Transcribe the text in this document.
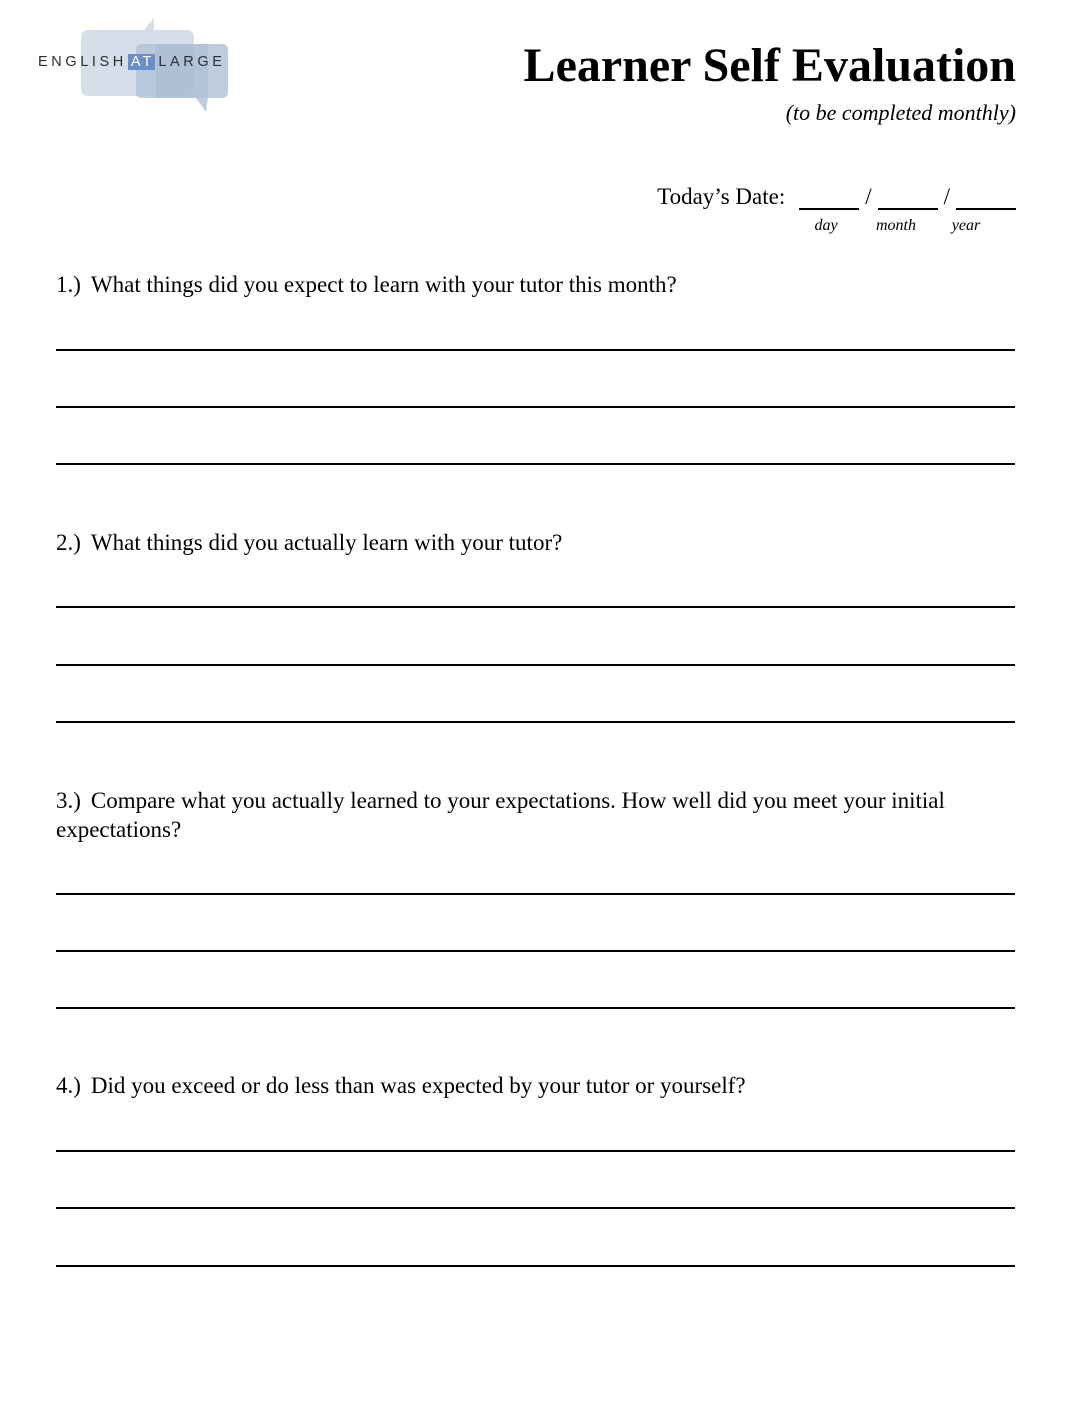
ENGLISH AT LARGE	Learner Self Evaluation
(to be completed monthly)
Today’s Date:	/	/
day month year
1.) What things did you expect to learn with your tutor this month?
2.) What things did you actually learn with your tutor?
3.) Compare what you actually learned to your expectations. How well did you meet your initial expectations?
4.) Did you exceed or do less than was expected by your tutor or yourself?
